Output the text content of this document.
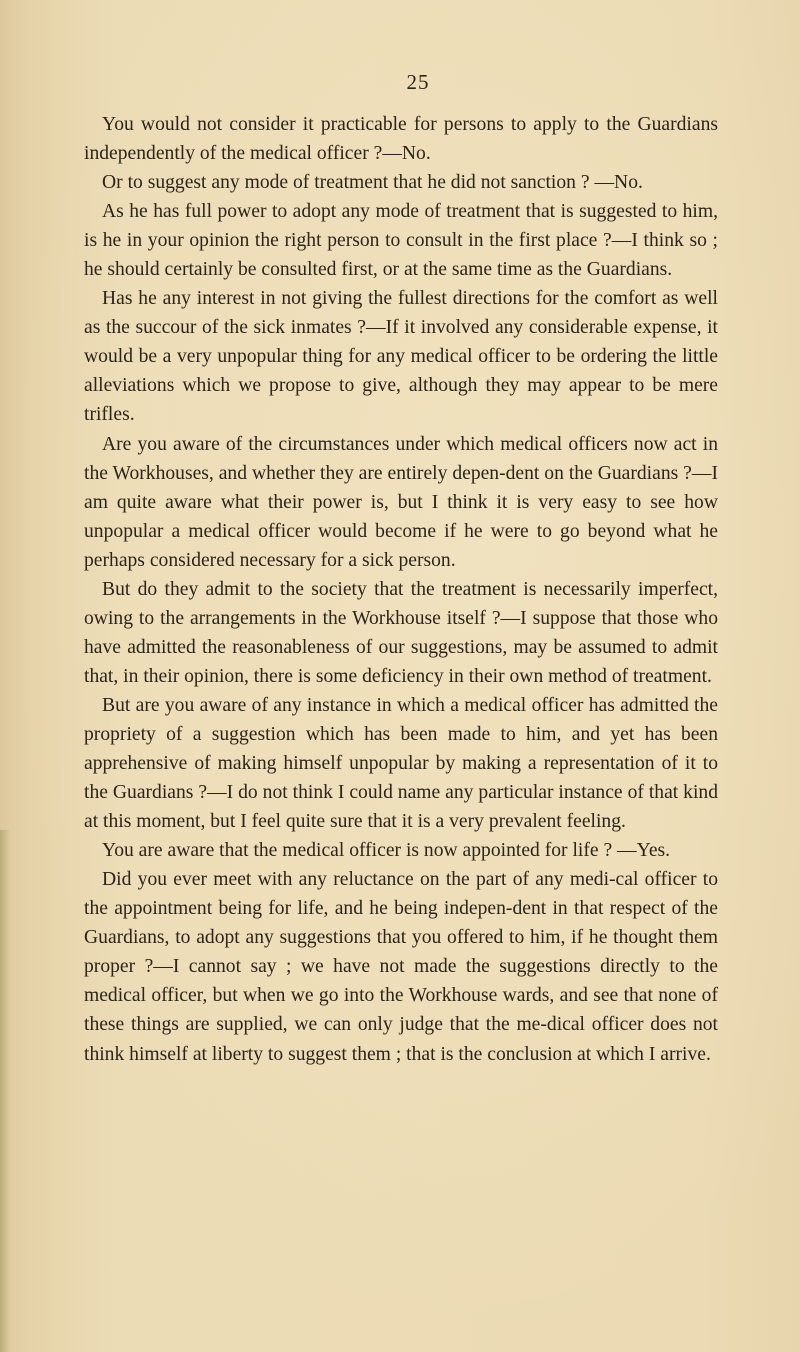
25

You would not consider it practicable for persons to apply to the Guardians independently of the medical officer ?—No.

Or to suggest any mode of treatment that he did not sanction ? —No.

As he has full power to adopt any mode of treatment that is suggested to him, is he in your opinion the right person to consult in the first place ?—I think so ; he should certainly be consulted first, or at the same time as the Guardians.

Has he any interest in not giving the fullest directions for the comfort as well as the succour of the sick inmates ?—If it involved any considerable expense, it would be a very unpopular thing for any medical officer to be ordering the little alleviations which we propose to give, although they may appear to be mere trifles.

Are you aware of the circumstances under which medical officers now act in the Workhouses, and whether they are entirely depen-dent on the Guardians ?—I am quite aware what their power is, but I think it is very easy to see how unpopular a medical officer would become if he were to go beyond what he perhaps considered necessary for a sick person.

But do they admit to the society that the treatment is necessarily imperfect, owing to the arrangements in the Workhouse itself ?—I suppose that those who have admitted the reasonableness of our suggestions, may be assumed to admit that, in their opinion, there is some deficiency in their own method of treatment.

But are you aware of any instance in which a medical officer has admitted the propriety of a suggestion which has been made to him, and yet has been apprehensive of making himself unpopular by making a representation of it to the Guardians ?—I do not think I could name any particular instance of that kind at this moment, but I feel quite sure that it is a very prevalent feeling.

You are aware that the medical officer is now appointed for life ? —Yes.

Did you ever meet with any reluctance on the part of any medi-cal officer to the appointment being for life, and he being indepen-dent in that respect of the Guardians, to adopt any suggestions that you offered to him, if he thought them proper ?—I cannot say ; we have not made the suggestions directly to the medical officer, but when we go into the Workhouse wards, and see that none of these things are supplied, we can only judge that the me-dical officer does not think himself at liberty to suggest them ; that is the conclusion at which I arrive.
